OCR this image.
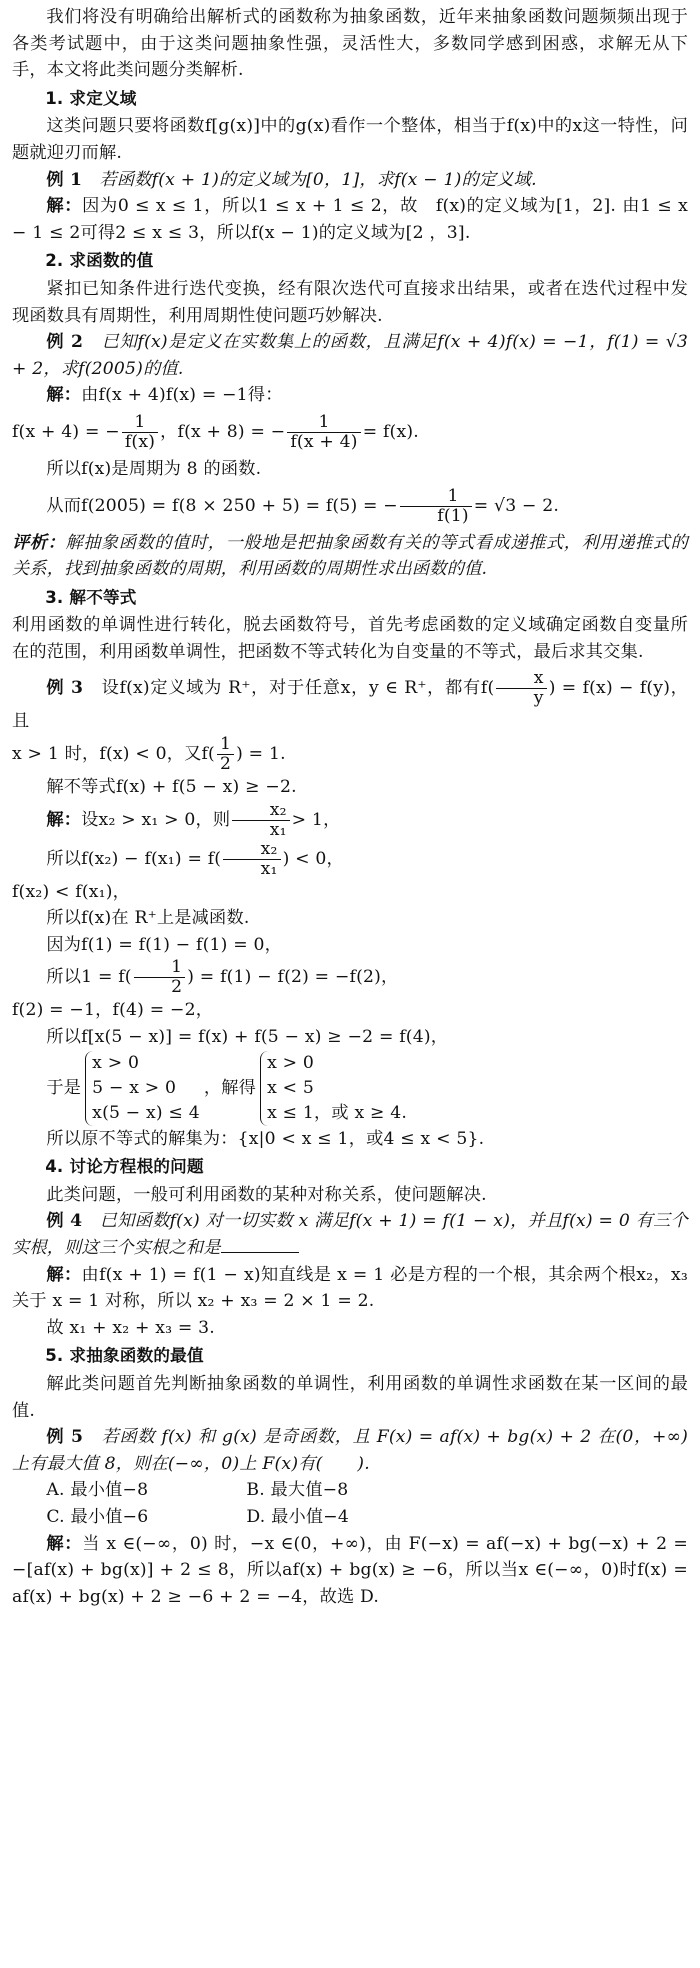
我们将没有明确给出解析式的函数称为抽象函数，近年来抽象函数问题频频出现于各类考试题中，由于这类问题抽象性强，灵活性大，多数同学感到困惑，求解无从下手，本文将此类问题分类解析.

1. 求定义域

这类问题只要将函数f[g(x)]中的g(x)看作一个整体，相当于f(x)中的x这一特性，问题就迎刃而解.

例 1　 若函数f(x + 1)的定义域为[0，1]，求f(x − 1)的定义域.

解：因为0 ≤ x ≤ 1，所以1 ≤ x + 1 ≤ 2，故　f(x)的定义域为[1，2]. 由1 ≤ x − 1 ≤ 2可得2 ≤ x ≤ 3，所以f(x − 1)的定义域为[2 ，3].

2. 求函数的值

紧扣已知条件进行迭代变换，经有限次迭代可直接求出结果，或者在迭代过程中发现函数具有周期性，利用周期性使问题巧妙解决.

例 2　 已知f(x)是定义在实数集上的函数，且满足f(x + 4)f(x) = −1，f(1) = √3 + 2，求f(2005)的值.

解：由f(x + 4)f(x) = −1得：

f(x + 4) = − $\frac{1}{f(x)}$ ，f(x + 8) = − $\frac{1}{f(x + 4)} = f(x)$.

所以f(x)是周期为 8 的函数.

从而f(2005) = f(8 × 250 + 5) = f(5) = − $\frac{1}{f(1)} = √3 - 2$.

评析：解抽象函数的值时，一般地是把抽象函数有关的等式看成递推式，利用递推式的关系，找到抽象函数的周期，利用函数的周期性求出函数的值.

3. 解不等式

利用函数的单调性进行转化，脱去函数符号，首先考虑函数的定义域确定函数自变量所在的范围，利用函数单调性，把函数不等式转化为自变量的不等式，最后求其交集.

例 3　 设f(x)定义域为 R⁺，对于任意x，y ∈ R⁺，都有$f( \frac{x}{y}$ ) = f(x) − f(y)，且

x > 1 时，f(x) < 0，又$f( \frac{1}{2}$ ) = 1.

解不等式f(x) + f(5 − x) ≥ −2.

解：设x₂ > x₁ > 0，则 $\frac{\text{x₂}}{\text{x₁}} > 1$，

所以$f(x_2) - f(x_1) = f( \frac{\text{x₂}}{\text{x₁}}$ ) < 0，

f(x₂) < f(x₁)，

所以f(x)在 R⁺上是减函数.

因为f(1) = f(1) − f(1) = 0，

所以$1 = f( \frac{1}{2}$ ) = f(1) − f(2) = −f(2)，

f(2) = −1，f(4) = −2，

所以f[x(5 − x)] = f(x) + f(5 − x) ≥ −2 = f(4)，

于是
x > 0
5 − x > 0
x(5 − x) ≤ 4
，解得
x > 0
x < 5
x ≤ 1，或 x ≥ 4.

所以原不等式的解集为：{x|0 < x ≤ 1，或4 ≤ x < 5}.

4. 讨论方程根的问题

此类问题，一般可利用函数的某种对称关系，使问题解决.

例 4　 已知函数f(x) 对一切实数 x 满足f(x + 1) = f(1 − x)，并且f(x) = 0 有三个实根，则这三个实根之和是

解：由f(x + 1) = f(1 − x)知直线是 x = 1 必是方程的一个根，其余两个根x₂，x₃关于 x = 1 对称，所以 x₂ + x₃ = 2 × 1 = 2.

故 x₁ + x₂ + x₃ = 3.

5. 求抽象函数的最值

解此类问题首先判断抽象函数的单调性，利用函数的单调性求函数在某一区间的最值.

例 5　 若函数 f(x) 和 g(x) 是奇函数，且 F(x) = af(x) + bg(x) + 2 在(0，+∞)上有最大值 8，则在(−∞，0)上 F(x)有(　　).

A. 最小值−8	B. 最大值−8
C. 最小值−6	D. 最小值−4

解：当 x ∈(−∞，0) 时，−x ∈(0，+∞)，由 F(−x) = af(−x) + bg(−x) + 2 = −[af(x) + bg(x)] + 2 ≤ 8，所以af(x) + bg(x) ≥ −6，所以当x ∈(−∞，0)时f(x) = af(x) + bg(x) + 2 ≥ −6 + 2 = −4，故选 D.
